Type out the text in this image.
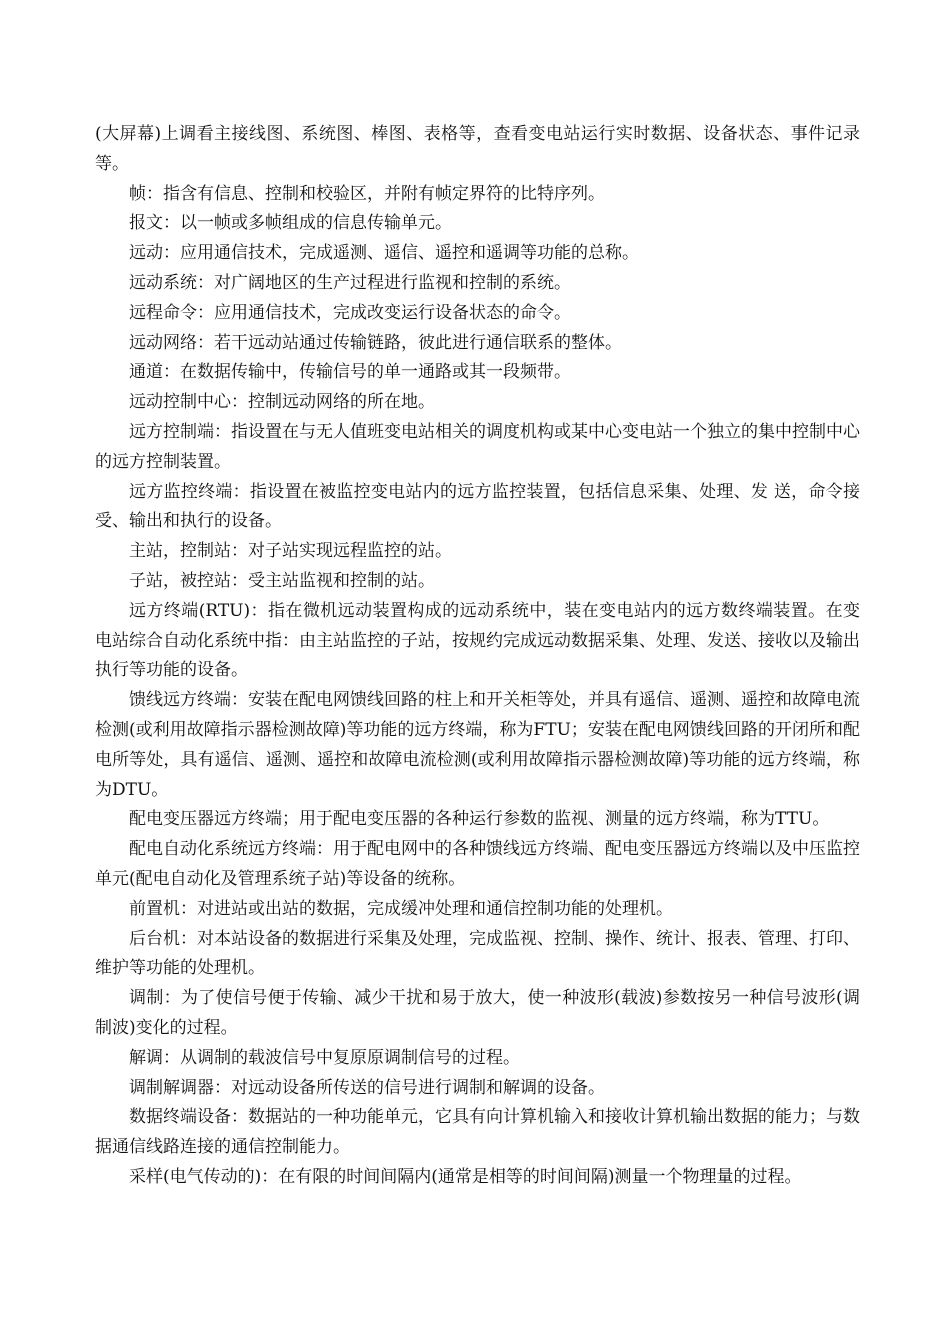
(大屏幕)上调看主接线图、系统图、棒图、表格等，查看变电站运行实时数据、设备状态、事件记录等。

帧：指含有信息、控制和校验区，并附有帧定界符的比特序列。

报文：以一帧或多帧组成的信息传输单元。

远动：应用通信技术，完成遥测、遥信、遥控和遥调等功能的总称。

远动系统：对广阔地区的生产过程进行监视和控制的系统。

远程命令：应用通信技术，完成改变运行设备状态的命令。

远动网络：若干远动站通过传输链路，彼此进行通信联系的整体。

通道：在数据传输中，传输信号的单一通路或其一段频带。

远动控制中心：控制远动网络的所在地。

远方控制端：指设置在与无人值班变电站相关的调度机构或某中心变电站一个独立的集中控制中心的远方控制装置。

远方监控终端：指设置在被监控变电站内的远方监控装置，包括信息采集、处理、发 送，命令接受、输出和执行的设备。

主站，控制站：对子站实现远程监控的站。

子站，被控站：受主站监视和控制的站。

远方终端(RTU)：指在微机远动装置构成的远动系统中，装在变电站内的远方数终端装置。在变电站综合自动化系统中指：由主站监控的子站，按规约完成远动数据采集、处理、发送、接收以及输出执行等功能的设备。

馈线远方终端：安装在配电网馈线回路的柱上和开关柜等处，并具有遥信、遥测、遥控和故障电流检测(或利用故障指示器检测故障)等功能的远方终端，称为FTU；安装在配电网馈线回路的开闭所和配电所等处，具有遥信、遥测、遥控和故障电流检测(或利用故障指示器检测故障)等功能的远方终端，称为DTU。

配电变压器远方终端；用于配电变压器的各种运行参数的监视、测量的远方终端，称为TTU。

配电自动化系统远方终端：用于配电网中的各种馈线远方终端、配电变压器远方终端以及中压监控单元(配电自动化及管理系统子站)等设备的统称。

前置机：对进站或出站的数据，完成缓冲处理和通信控制功能的处理机。

后台机：对本站设备的数据进行采集及处理，完成监视、控制、操作、统计、报表、管理、打印、维护等功能的处理机。

调制：为了使信号便于传输、减少干扰和易于放大，使一种波形(载波)参数按另一种信号波形(调制波)变化的过程。

解调：从调制的载波信号中复原原调制信号的过程。

调制解调器：对远动设备所传送的信号进行调制和解调的设备。

数据终端设备：数据站的一种功能单元，它具有向计算机输入和接收计算机输出数据的能力；与数据通信线路连接的通信控制能力。

采样(电气传动的)：在有限的时间间隔内(通常是相等的时间间隔)测量一个物理量的过程。
